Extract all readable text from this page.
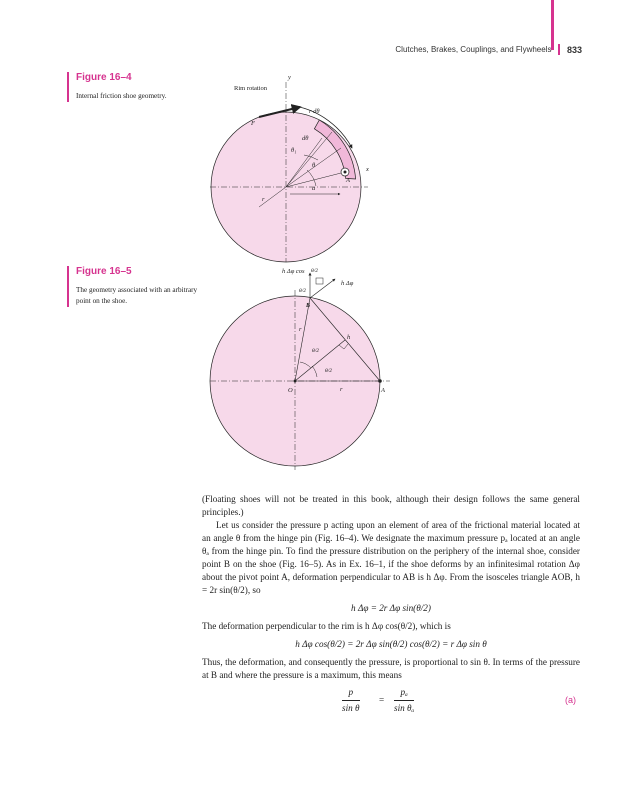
Clutches, Brakes, Couplings, and Flywheels 833
Figure 16–4
Internal friction shoe geometry.
Figure 16–5
The geometry associated with an arbitrary point on the shoe.
Rim rotation
y
x
F
r dθ
dθ
θ₁
θ
A
a
r
h Δφ cos θ/2
h Δφ
θ/2
B
r
h
θ/2
θ/2
O	r	A

(Floating shoes will not be treated in this book, although their design follows the same general principles.)

Let us consider the pressure p acting upon an element of area of the frictional material located at an angle θ from the hinge pin (Fig. 16–4). We designate the maximum pressure pₐ located at an angle θₐ from the hinge pin. To find the pressure distribution on the periphery of the internal shoe, consider point B on the shoe (Fig. 16–5). As in Ex. 16–1, if the shoe deforms by an infinitesimal rotation Δφ about the pivot point A, deformation perpendicular to AB is h Δφ. From the isosceles triangle AOB, h = 2r sin(θ/2), so

h Δφ = 2r Δφ sin(θ/2)

The deformation perpendicular to the rim is h Δφ cos(θ/2), which is

h Δφ cos(θ/2) = 2r Δφ sin(θ/2) cos(θ/2) = r Δφ sin θ

Thus, the deformation, and consequently the pressure, is proportional to sin θ. In terms of the pressure at B and where the pressure is a maximum, this means

$\frac{p}{\text{sin θ}} = \frac{\text{pₐ}}{\text{sin θₐ}}$	(a)
